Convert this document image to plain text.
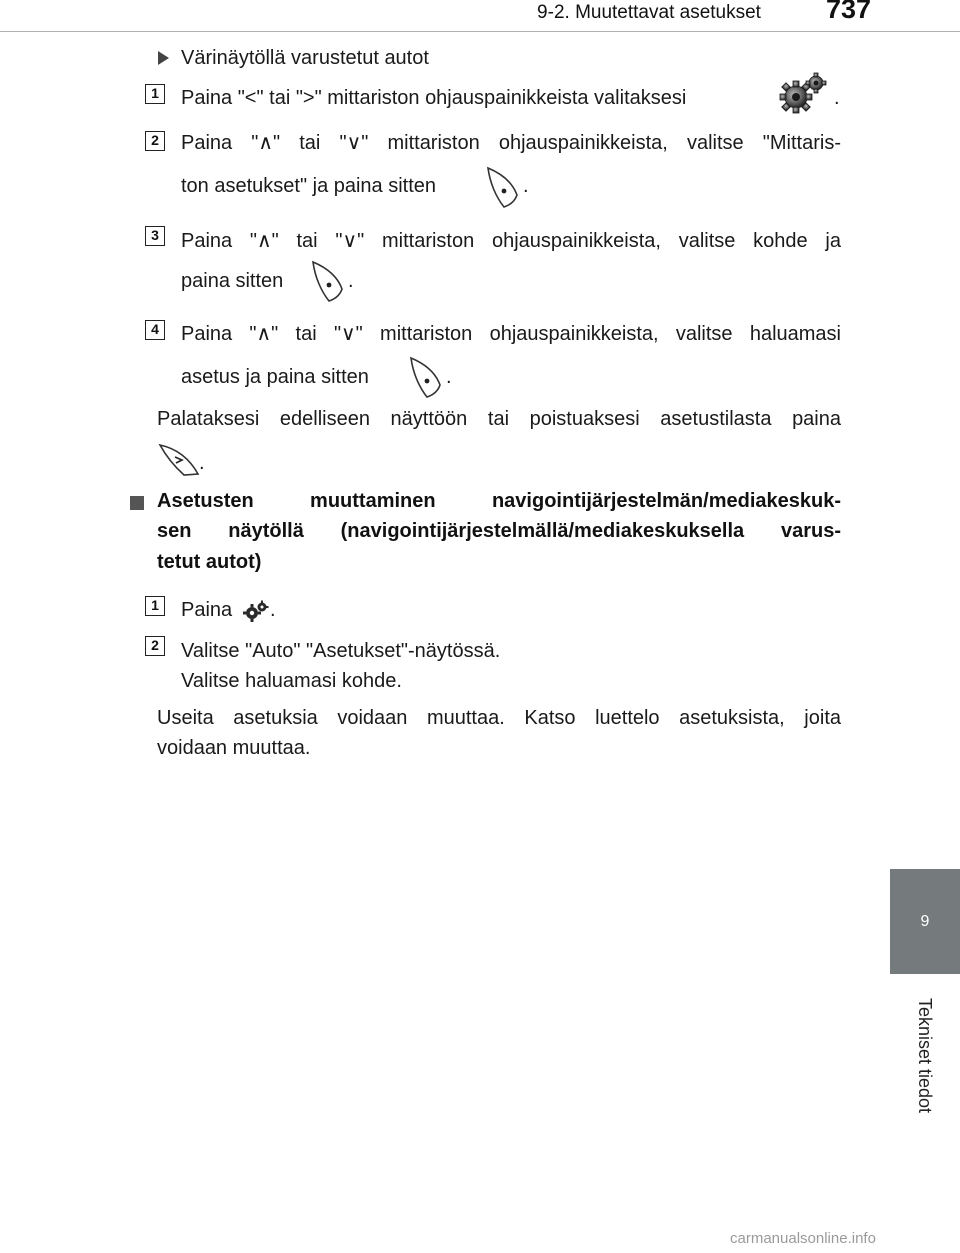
9-2. Muutettavat asetukset	737
9
Tekniset tiedot
Värinäytöllä varustetut autot
1	Paina "<" tai ">" mittariston ohjauspainikkeista valitaksesi	.
2	Paina "∧" tai "∨" mittariston ohjauspainikkeista, valitse "Mittaris-
ton asetukset" ja paina sitten	.
3	Paina "∧" tai "∨" mittariston ohjauspainikkeista, valitse kohde ja
paina sitten	.
4	Paina "∧" tai "∨" mittariston ohjauspainikkeista, valitse haluamasi
asetus ja paina sitten	.
Palataksesi edelliseen näyttöön tai poistuaksesi asetustilasta paina
.
Asetusten muuttaminen navigointijärjestelmän/mediakeskuk-
sen näytöllä (navigointijärjestelmällä/mediakeskuksella varus-
tetut autot)
1	Paina .
2	Valitse "Auto" "Asetukset"-näytössä.
Valitse haluamasi kohde.
Useita asetuksia voidaan muuttaa. Katso luettelo asetuksista, joita
voidaan muuttaa.
carmanualsonline.info
